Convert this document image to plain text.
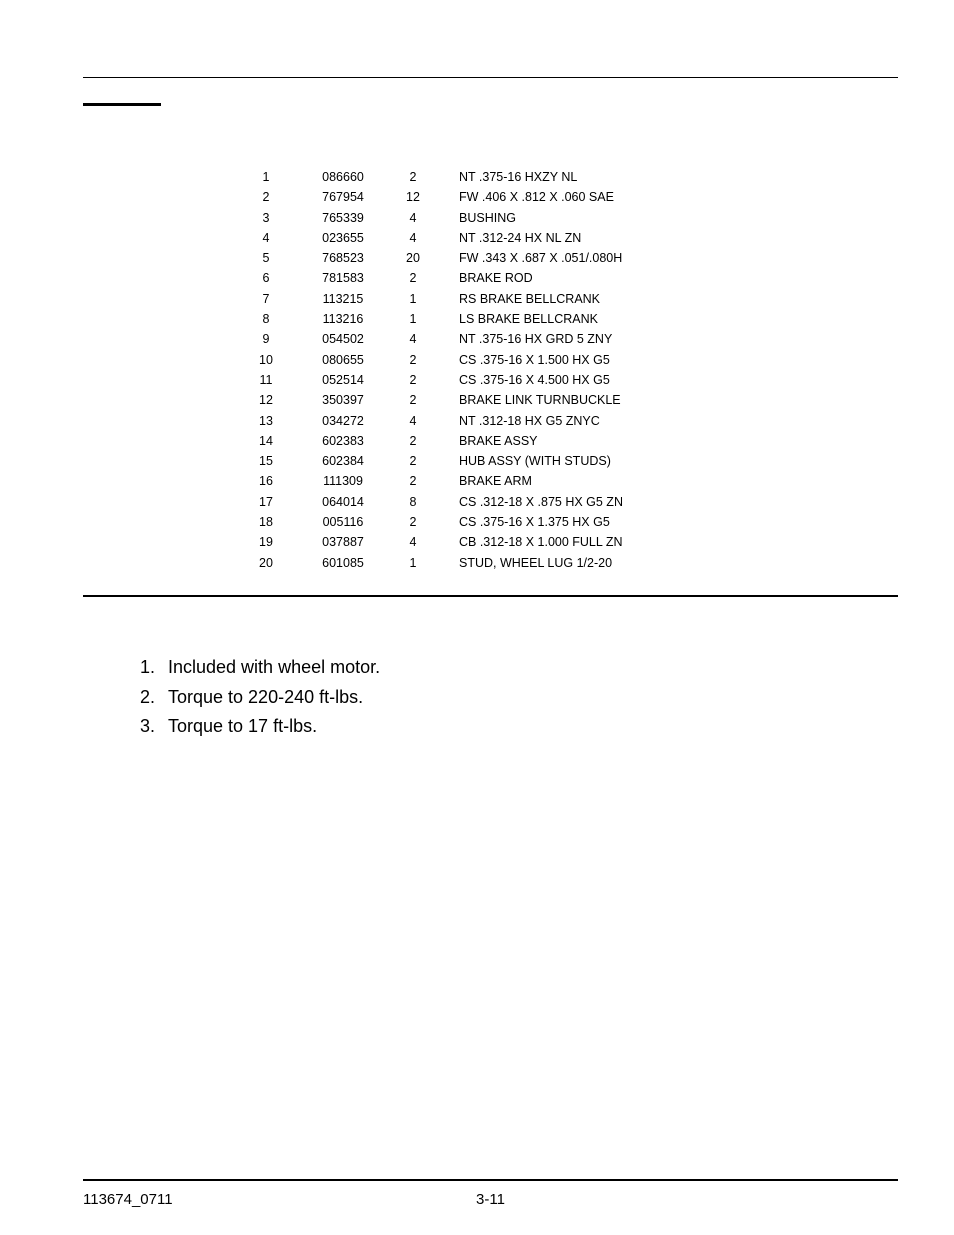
1	086660	2	NT .375-16 HXZY NL
2	767954	12	FW .406 X .812 X .060 SAE
3	765339	4	BUSHING
4	023655	4	NT .312-24 HX NL ZN
5	768523	20	FW .343 X .687 X .051/.080H
6	781583	2	BRAKE ROD
7	113215	1	RS BRAKE BELLCRANK
8	113216	1	LS BRAKE BELLCRANK
9	054502	4	NT .375-16 HX GRD 5 ZNY
10	080655	2	CS .375-16 X 1.500 HX G5
11	052514	2	CS .375-16 X 4.500 HX G5
12	350397	2	BRAKE LINK TURNBUCKLE
13	034272	4	NT .312-18 HX G5 ZNYC
14	602383	2	BRAKE ASSY
15	602384	2	HUB ASSY (WITH STUDS)
16	111309	2	BRAKE ARM
17	064014	8	CS .312-18 X .875 HX G5 ZN
18	005116	2	CS .375-16 X 1.375 HX G5
19	037887	4	CB .312-18 X 1.000 FULL ZN
20	601085	1	STUD, WHEEL LUG 1/2-20
1. Included with wheel motor.
2. Torque to 220-240 ft-lbs.
3. Torque to 17 ft-lbs.
113674_0711	3-11
